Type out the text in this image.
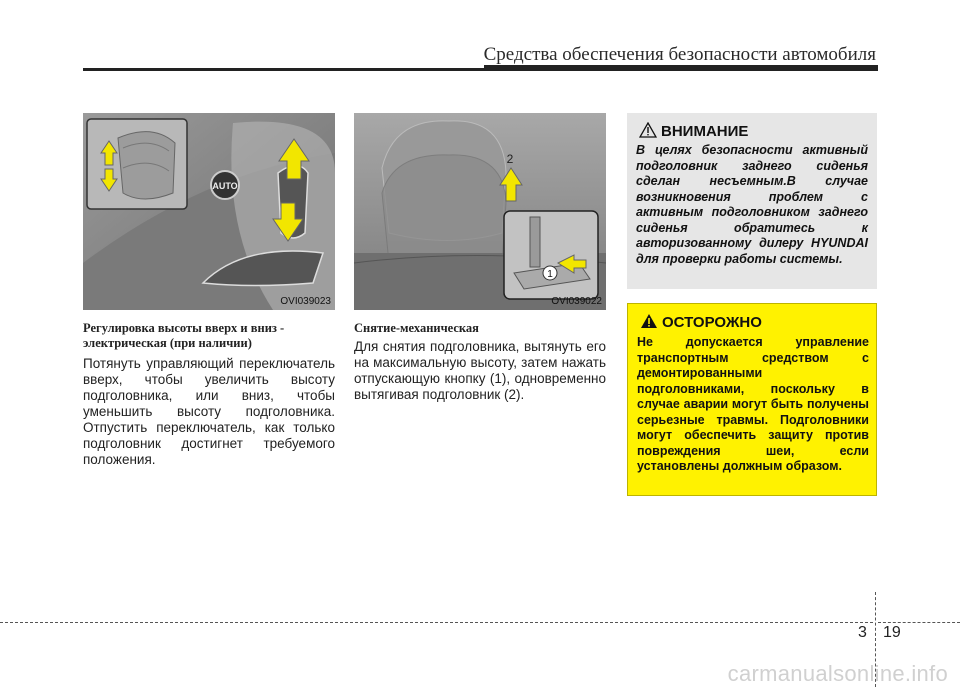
Средства обеспечения безопасности автомобиля
AUTO
OVI039023
2
1
OVI039022
Регулировка высоты вверх и вниз -
электрическая (при наличии)
Потянуть управляющий переключатель вверх, чтобы увеличить высоту подголовника, или вниз, чтобы уменьшить высоту подголовника. Отпустить переключатель, как только подголовник достигнет требуемого положения.
Снятие-механическая
Для снятия подголовника, вытянуть его на максимальную высоту, затем нажать отпускающую кнопку (1), одновременно вытягивая подголовник (2).
ВНИМАНИЕ
В целях безопасности активный подголовник заднего сиденья сделан несъемным.В случае возникновения проблем с активным подголовником заднего сиденья обратитесь к авторизованному дилеру HYUNDAI для проверки работы системы.
ОСТОРОЖНО
Не допускается управление транспортным средством с демонтированными подголовниками, поскольку в случае аварии могут быть получены серьезные травмы. Подголовники могут обеспечить защиту против повреждения шеи, если установлены должным образом.
3 19
carmanualsonline.info
